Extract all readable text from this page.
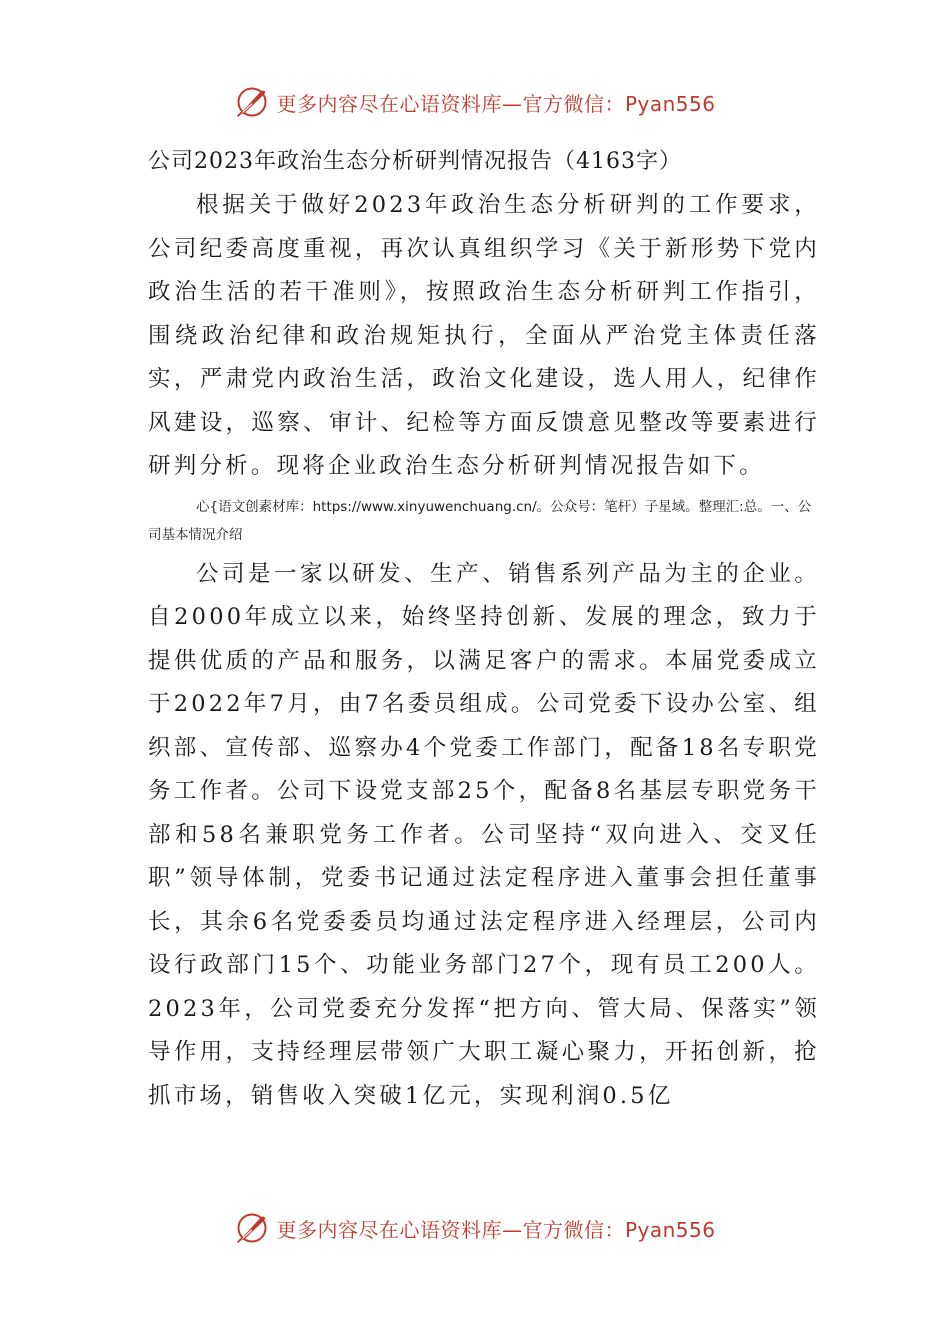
更多内容尽在心语资料库—官方微信：Pyan556

公司2023年政治生态分析研判情况报告（4163字）

根据关于做好2023年政治生态分析研判的工作要求，公司纪委高度重视，再次认真组织学习《关于新形势下党内政治生活的若干准则》，按照政治生态分析研判工作指引，围绕政治纪律和政治规矩执行，全面从严治党主体责任落实，严肃党内政治生活，政治文化建设，选人用人，纪律作风建设，巡察、审计、纪检等方面反馈意见整改等要素进行研判分析。现将企业政治生态分析研判情况报告如下。

心{语文创素材库：https://www.xinyuwenchuang.cn/。公众号：笔杆）子星域。整理汇:总。一、公司基本情况介绍

公司是一家以研发、生产、销售系列产品为主的企业。自2000年成立以来，始终坚持创新、发展的理念，致力于提供优质的产品和服务，以满足客户的需求。本届党委成立于2022年7月，由7名委员组成。公司党委下设办公室、组织部、宣传部、巡察办4个党委工作部门，配备18名专职党务工作者。公司下设党支部25个，配备8名基层专职党务干部和58名兼职党务工作者。公司坚持“双向进入、交叉任职”领导体制，党委书记通过法定程序进入董事会担任董事长，其余6名党委委员均通过法定程序进入经理层，公司内设行政部门15个、功能业务部门27个，现有员工200人。2023年，公司党委充分发挥“把方向、管大局、保落实”领导作用，支持经理层带领广大职工凝心聚力，开拓创新，抢抓市场，销售收入突破1亿元，实现利润0.5亿

更多内容尽在心语资料库—官方微信：Pyan556
